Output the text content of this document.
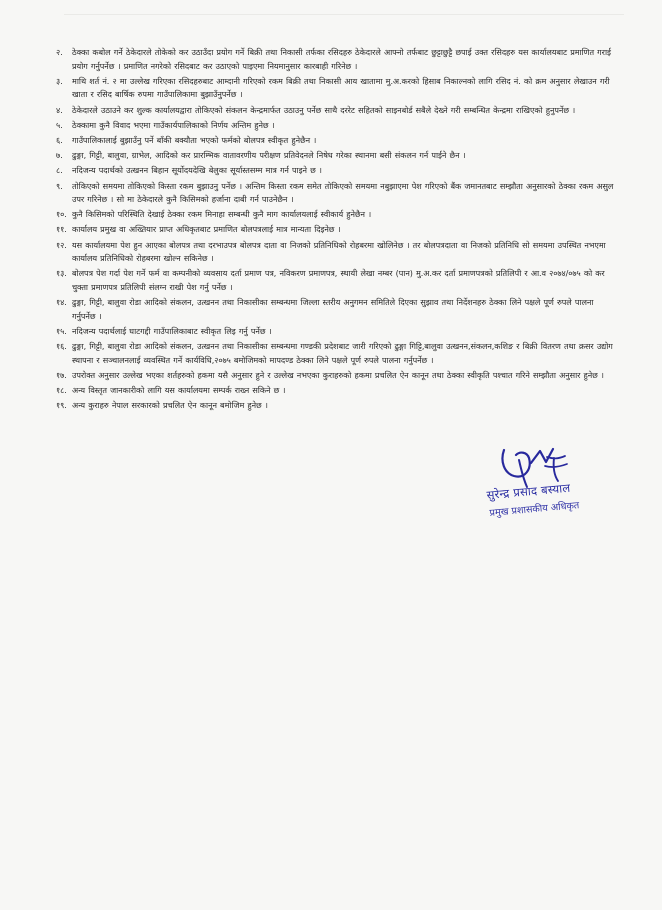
२.	ठेक्का कबोल गर्ने ठेकेदारले तोकेको कर उठाउँदा प्रयोग गर्ने बिक्री तथा निकासी तर्फका रसिदहरु ठेकेदारले आफ्नो तर्फबाट छुट्टाछुट्टै छपाई उक्त रसिदहरु यस कार्यालयबाट प्रमाणित गराई प्रयोग गर्नुपर्नेछ । प्रमाणित नगरेको रसिदबाट कर उठाएको पाइएमा नियमानुसार कारबाही गरिनेछ ।
३.	माथि शर्त नं. २ मा उल्लेख गरिएका रसिदहरुबाट आम्दानी गरिएको रकम बिक्री तथा निकासी आय खातामा मु.अ.करको हिसाब निकाल्नको लागि रसिद नं. को क्रम अनुसार लेखाउन गरी खाता र रसिद बार्षिक रुपमा गाउँपालिकामा बुझाउँनुपर्नेछ ।
४.	ठेकेदारले उठाउने कर शुल्क कार्यालयद्वारा तोकिएको संकलन केन्द्रमार्फत उठाउनु पर्नेछ साथै दररेट सहितको साइनबोर्ड सबैले देख्ने गरी सम्बन्धित केन्द्रमा राखिएको हुनुपर्नेछ ।
५.	ठेक्कामा कुनै विवाद भएमा गाउँकार्यपालिकाको निर्णय अन्तिम हुनेछ ।
६.	गाउँपालिकालाई बुझाउँनु पर्ने बाँकी बक्यौता भएको फर्मको बोलपत्र स्वीकृत हुनेछैन ।
७.	ढुङ्गा, गिट्टी, बालुवा, ग्राभेल, आदिको कर प्रारम्भिक वातावरणीय परीक्षण प्रतिवेदनले निषेध गरेका स्थानमा बसी संकलन गर्न पाईने छैन ।
८.	नदिजन्य पदार्थको उत्खनन बिहान सूर्योदयदेखि बेलुका सूर्यास्तसम्म मात्र गर्न पाइने छ ।
९.	तोकिएको समयमा तोकिएको किस्ता रकम बुझाउनु पर्नेछ । अन्तिम किस्ता रकम समेत तोकिएको समयमा नबुझाएमा पेश गरिएको बैंक जमानतबाट सम्झौता अनुसारको ठेक्का रकम असुल उपर गरिनेछ । सो मा ठेकेदारले कुनै किसिमको हर्जाना दाबी गर्न पाउनेछैन ।
१०. कुनै किसिमको परिस्थिति देखाई ठेक्का रकम मिनाहा सम्बन्धी कुनै माग कार्यालयलाई स्वीकार्य हुनेछैन ।
११. कार्यालय प्रमुख वा अख्तियार प्राप्त अधिकृतबाट प्रमाणित बोलपत्रलाई मात्र मान्यता दिइनेछ ।
१२. यस कार्यालयमा पेश हुन आएका बोलपत्र तथा दरभाउपत्र बोलपत्र दाता वा निजको प्रतिनिधिको रोहबरमा खोलिनेछ । तर बोलपत्रदाता वा निजको प्रतिनिधि सो समयमा उपस्थित नभएमा कार्यालय प्रतिनिधिको रोहबरमा खोल्न सकिनेछ ।
१३. बोलपत्र पेश गर्दा पेश गर्ने फर्म वा कम्पनीको व्यवसाय दर्ता प्रमाण पत्र, नविकरण प्रमाणपत्र, स्थायी लेखा नम्बर (पान) मु.अ.कर दर्ता प्रमाणपत्रको प्रतिलिपी र आ.व २०७४/०७५ को कर चुक्ता प्रमाणपत्र प्रतिलिपी संलग्न राखी पेश गर्नु पर्नेछ ।
१४. ढुङ्गा, गिट्टी, बालुवा रोडा आदिको संकलन, उत्खनन तथा निकासीका सम्बन्धमा जिल्ला स्तरीय अनुगमन समितिले दिएका सुझाव तथा निर्देशनहरु ठेक्का लिने पक्षले पूर्ण रुपले पालना गर्नुपर्नेछ ।
१५. नदिजन्य पदार्थलाई घाटगद्दी गाउँपालिकाबाट स्वीकृत लिइ गर्नु पर्नेछ ।
१६. ढुङ्गा, गिट्टी, बालुवा रोडा आदिको संकलन, उत्खनन तथा निकासीका सम्बन्धमा गण्डकी प्रदेशबाट जारी गरिएको ढुङ्गा गिट्टि,बालुवा उत्खनन,संकलन,कशिङ र बिक्री वितरण तथा क्रसर उद्योग स्थापना र सञ्चालनलाई व्यवस्थित गर्ने कार्यविधि,२०७५ बमोजिमको मापदण्ड ठेक्का लिने पक्षले पूर्ण रुपले पालना गर्नुपर्नेछ ।
१७. उपरोक्त अनुसार उल्लेख भएका शर्तहरुको हकमा यसै अनुसार हुने र उल्लेख नभएका कुराहरुको हकमा प्रचलित ऐन कानून तथा ठेक्का स्वीकृति पश्चात गरिने सम्झौता अनुसार हुनेछ ।
१८. अन्य विस्तृत जानकारीको लागि यस कार्यालयमा सम्पर्क राख्न सकिने छ ।
१९. अन्य कुराहरु नेपाल सरकारको प्रचलित ऐन कानून बमोजिम हुनेछ ।
सुरेन्द्र प्रसाद बस्याल
प्रमुख प्रशासकीय अधिकृत
